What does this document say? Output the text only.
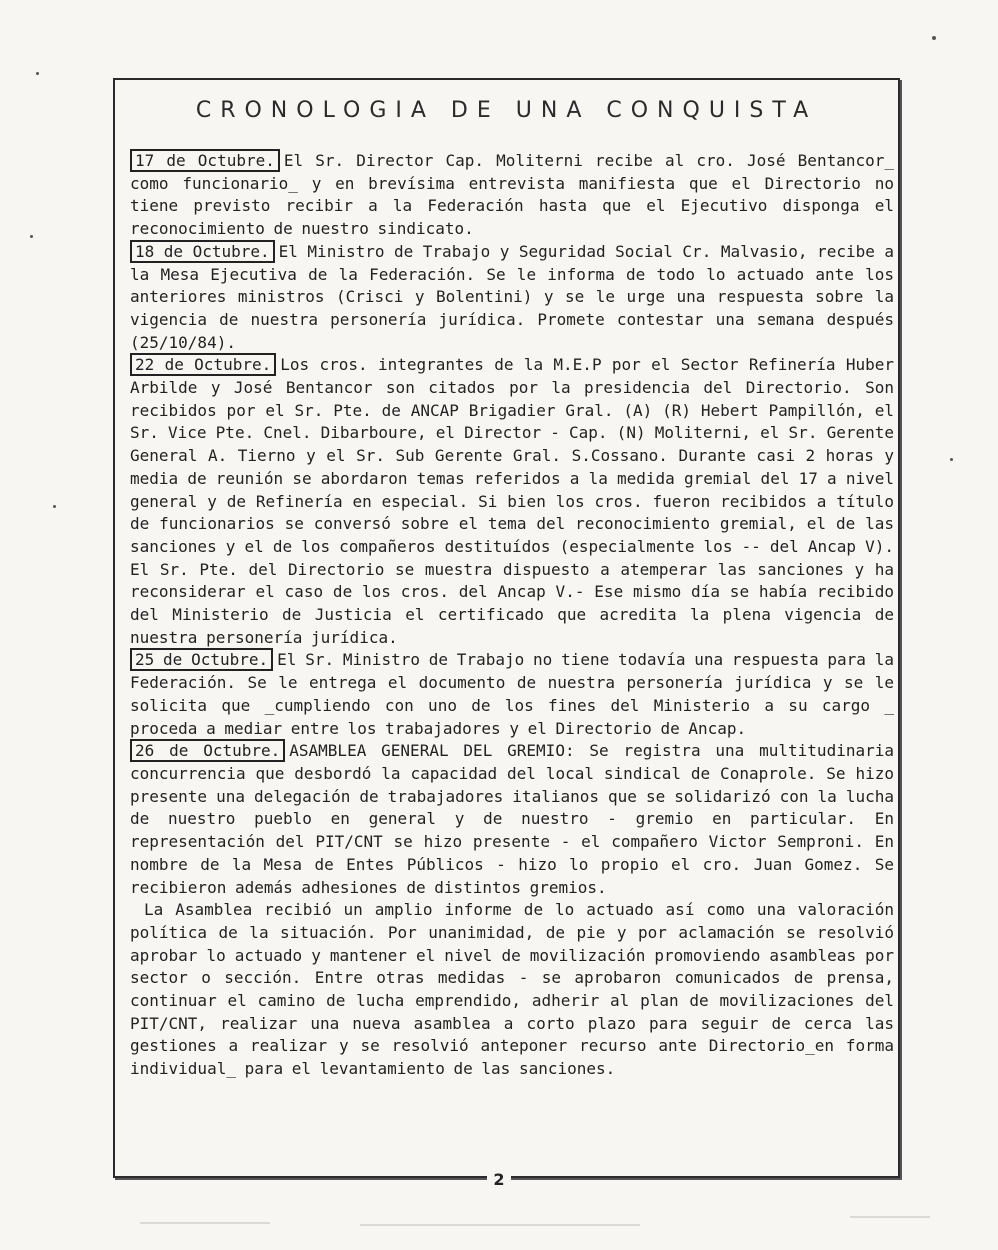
CRONOLOGIA DE UNA CONQUISTA

17 de Octubre. El Sr. Director Cap. Moliterni recibe al cro. José Bentancor_ como funcionario_ y en brevísima entrevista manifiesta que el Directorio no tiene previsto recibir a la Federación hasta que el Ejecutivo disponga el reconocimiento de nuestro sindicato.

18 de Octubre. El Ministro de Trabajo y Seguridad Social Cr. Malvasio, recibe a la Mesa Ejecutiva de la Federación. Se le informa de todo lo actuado ante los anteriores ministros (Crisci y Bolentini) y se le urge una respuesta sobre la vigencia de nuestra personería jurídica. Promete contestar una semana después (25/10/84).

22 de Octubre. Los cros. integrantes de la M.E.P por el Sector Refinería Huber Arbilde y José Bentancor son citados por la presidencia del Directorio. Son recibidos por el Sr. Pte. de ANCAP Brigadier Gral. (A) (R) Hebert Pampillón, el Sr. Vice Pte. Cnel. Dibarboure, el Director - Cap. (N) Moliterni, el Sr. Gerente General A. Tierno y el Sr. Sub Gerente Gral. S.Cossano. Durante casi 2 horas y media de reunión se abordaron temas referidos a la medida gremial del 17 a nivel general y de Refinería en especial. Si bien los cros. fueron recibidos a título de funcionarios se conversó sobre el tema del reconocimiento gremial, el de las sanciones y el de los compañeros destituídos (especialmente los -- del Ancap V). El Sr. Pte. del Directorio se muestra dispuesto a atemperar las sanciones y ha reconsiderar el caso de los cros. del Ancap V.- Ese mismo día se había recibido del Ministerio de Justicia el certificado que acredita la plena vigencia de nuestra personería jurídica.

25 de Octubre. El Sr. Ministro de Trabajo no tiene todavía una respuesta para la Federación. Se le entrega el documento de nuestra personería jurídica y se le solicita que _cumpliendo con uno de los fines del Ministerio a su cargo _ proceda a mediar entre los trabajadores y el Directorio de Ancap.

26 de Octubre. ASAMBLEA GENERAL DEL GREMIO: Se registra una multitudinaria concurrencia que desbordó la capacidad del local sindical de Conaprole. Se hizo presente una delegación de trabajadores italianos que se solidarizó con la lucha de nuestro pueblo en general y de nuestro - gremio en particular. En representación del PIT/CNT se hizo presente - el compañero Victor Semproni. En nombre de la Mesa de Entes Públicos - hizo lo propio el cro. Juan Gomez. Se recibieron además adhesiones de distintos gremios.

La Asamblea recibió un amplio informe de lo actuado así como una valoración política de la situación. Por unanimidad, de pie y por aclamación se resolvió aprobar lo actuado y mantener el nivel de movilización promoviendo asambleas por sector o sección. Entre otras medidas - se aprobaron comunicados de prensa, continuar el camino de lucha emprendido, adherir al plan de movilizaciones del PIT/CNT, realizar una nueva asamblea a corto plazo para seguir de cerca las gestiones a realizar y se resolvió anteponer recurso ante Directorio_en forma individual_ para el levantamiento de las sanciones.

2
